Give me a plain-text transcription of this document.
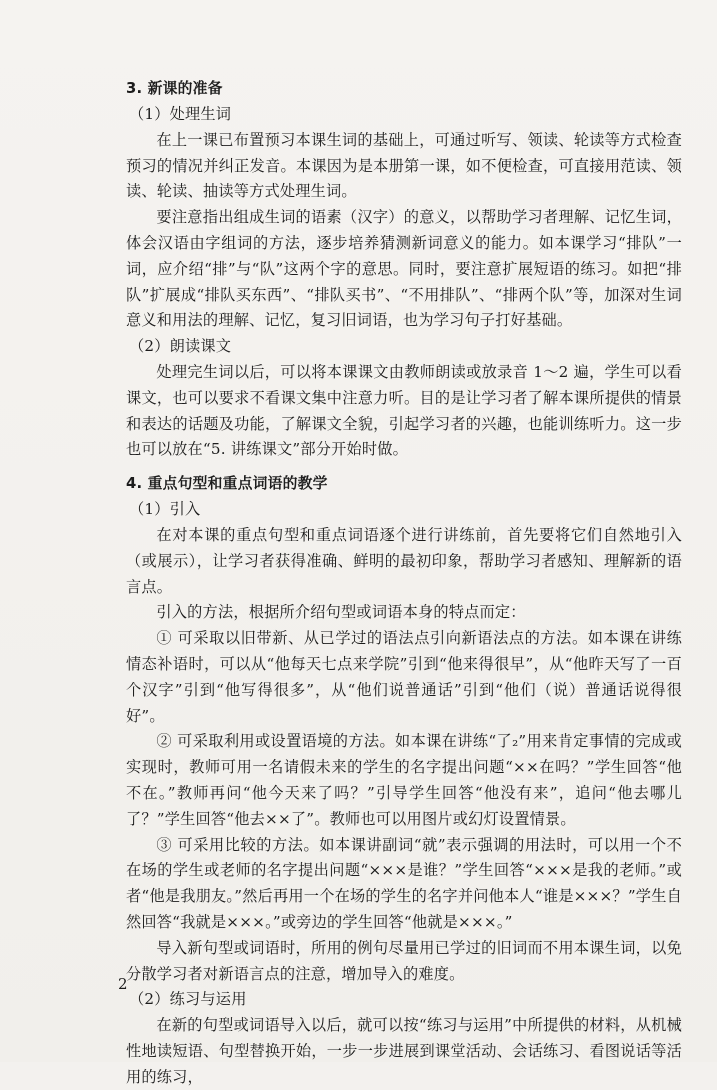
3. 新课的准备
（1）处理生词

在上一课已布置预习本课生词的基础上，可通过听写、领读、轮读等方式检查预习的情况并纠正发音。本课因为是本册第一课，如不便检查，可直接用范读、领读、轮读、抽读等方式处理生词。

要注意指出组成生词的语素（汉字）的意义，以帮助学习者理解、记忆生词，体会汉语由字组词的方法，逐步培养猜测新词意义的能力。如本课学习“排队”一词，应介绍“排”与“队”这两个字的意思。同时，要注意扩展短语的练习。如把“排队”扩展成“排队买东西”、“排队买书”、“不用排队”、“排两个队”等，加深对生词意义和用法的理解、记忆，复习旧词语，也为学习句子打好基础。

（2）朗读课文

处理完生词以后，可以将本课课文由教师朗读或放录音 1～2 遍，学生可以看课文，也可以要求不看课文集中注意力听。目的是让学习者了解本课所提供的情景和表达的话题及功能，了解课文全貌，引起学习者的兴趣，也能训练听力。这一步也可以放在“5. 讲练课文”部分开始时做。

4. 重点句型和重点词语的教学
（1）引入

在对本课的重点句型和重点词语逐个进行讲练前，首先要将它们自然地引入（或展示），让学习者获得准确、鲜明的最初印象，帮助学习者感知、理解新的语言点。

引入的方法，根据所介绍句型或词语本身的特点而定：

① 可采取以旧带新、从已学过的语法点引向新语法点的方法。如本课在讲练情态补语时，可以从“他每天七点来学院”引到“他来得很早”，从“他昨天写了一百个汉字”引到“他写得很多”，从“他们说普通话”引到“他们（说）普通话说得很好”。

② 可采取利用或设置语境的方法。如本课在讲练“了₂”用来肯定事情的完成或实现时，教师可用一名请假未来的学生的名字提出问题“××在吗？”学生回答“他不在。”教师再问“他今天来了吗？”引导学生回答“他没有来”，追问“他去哪儿了？”学生回答“他去××了”。教师也可以用图片或幻灯设置情景。

③ 可采用比较的方法。如本课讲副词“就”表示强调的用法时，可以用一个不在场的学生或老师的名字提出问题“×××是谁？”学生回答“×××是我的老师。”或者“他是我朋友。”然后再用一个在场的学生的名字并问他本人“谁是×××？”学生自然回答“我就是×××。”或旁边的学生回答“他就是×××。”

导入新句型或词语时，所用的例句尽量用已学过的旧词而不用本课生词，以免分散学习者对新语言点的注意，增加导入的难度。

（2）练习与运用

在新的句型或词语导入以后，就可以按“练习与运用”中所提供的材料，从机械性地读短语、句型替换开始，一步一步进展到课堂活动、会话练习、看图说话等活用的练习，

2
